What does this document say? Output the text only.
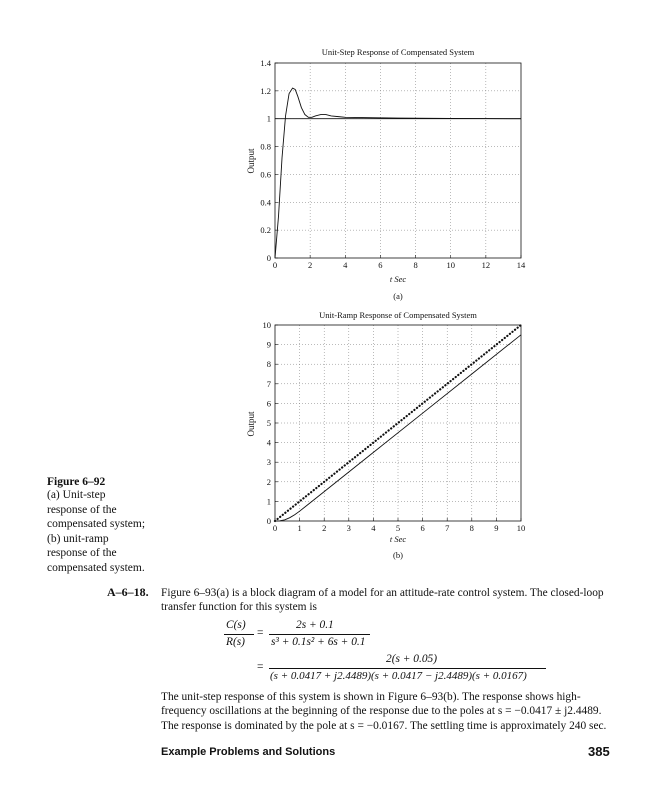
Unit-Step Response of Compensated System
0	2	4	6	8	10	12	14
0
0.2
0.4
0.6
0.8
1
1.2
1.4
Output
t Sec
(a)
Unit-Ramp Response of Compensated System
0 1 2 3 4 5 6 7 8 9 10
0
1
2
3
4
5
6
7
8
9
10
Output
t Sec
(b)
Figure 6–92
(a) Unit-step
response of the
compensated system;
(b) unit-ramp
response of the
compensated system.
A–6–18. Figure 6–93(a) is a block diagram of a model for an attitude-rate control system. The closed-loop
transfer function for this system is
C(s)
R(s)
=
2s + 0.1
s³ + 0.1s² + 6s + 0.1
=
2(s + 0.05)
(s + 0.0417 + j2.4489)(s + 0.0417 − j2.4489)(s + 0.0167)
The unit-step response of this system is shown in Figure 6–93(b). The response shows high-
frequency oscillations at the beginning of the response due to the poles at s = −0.0417 ± j2.4489.
The response is dominated by the pole at s = −0.0167. The settling time is approximately 240 sec.
Example Problems and Solutions	385
